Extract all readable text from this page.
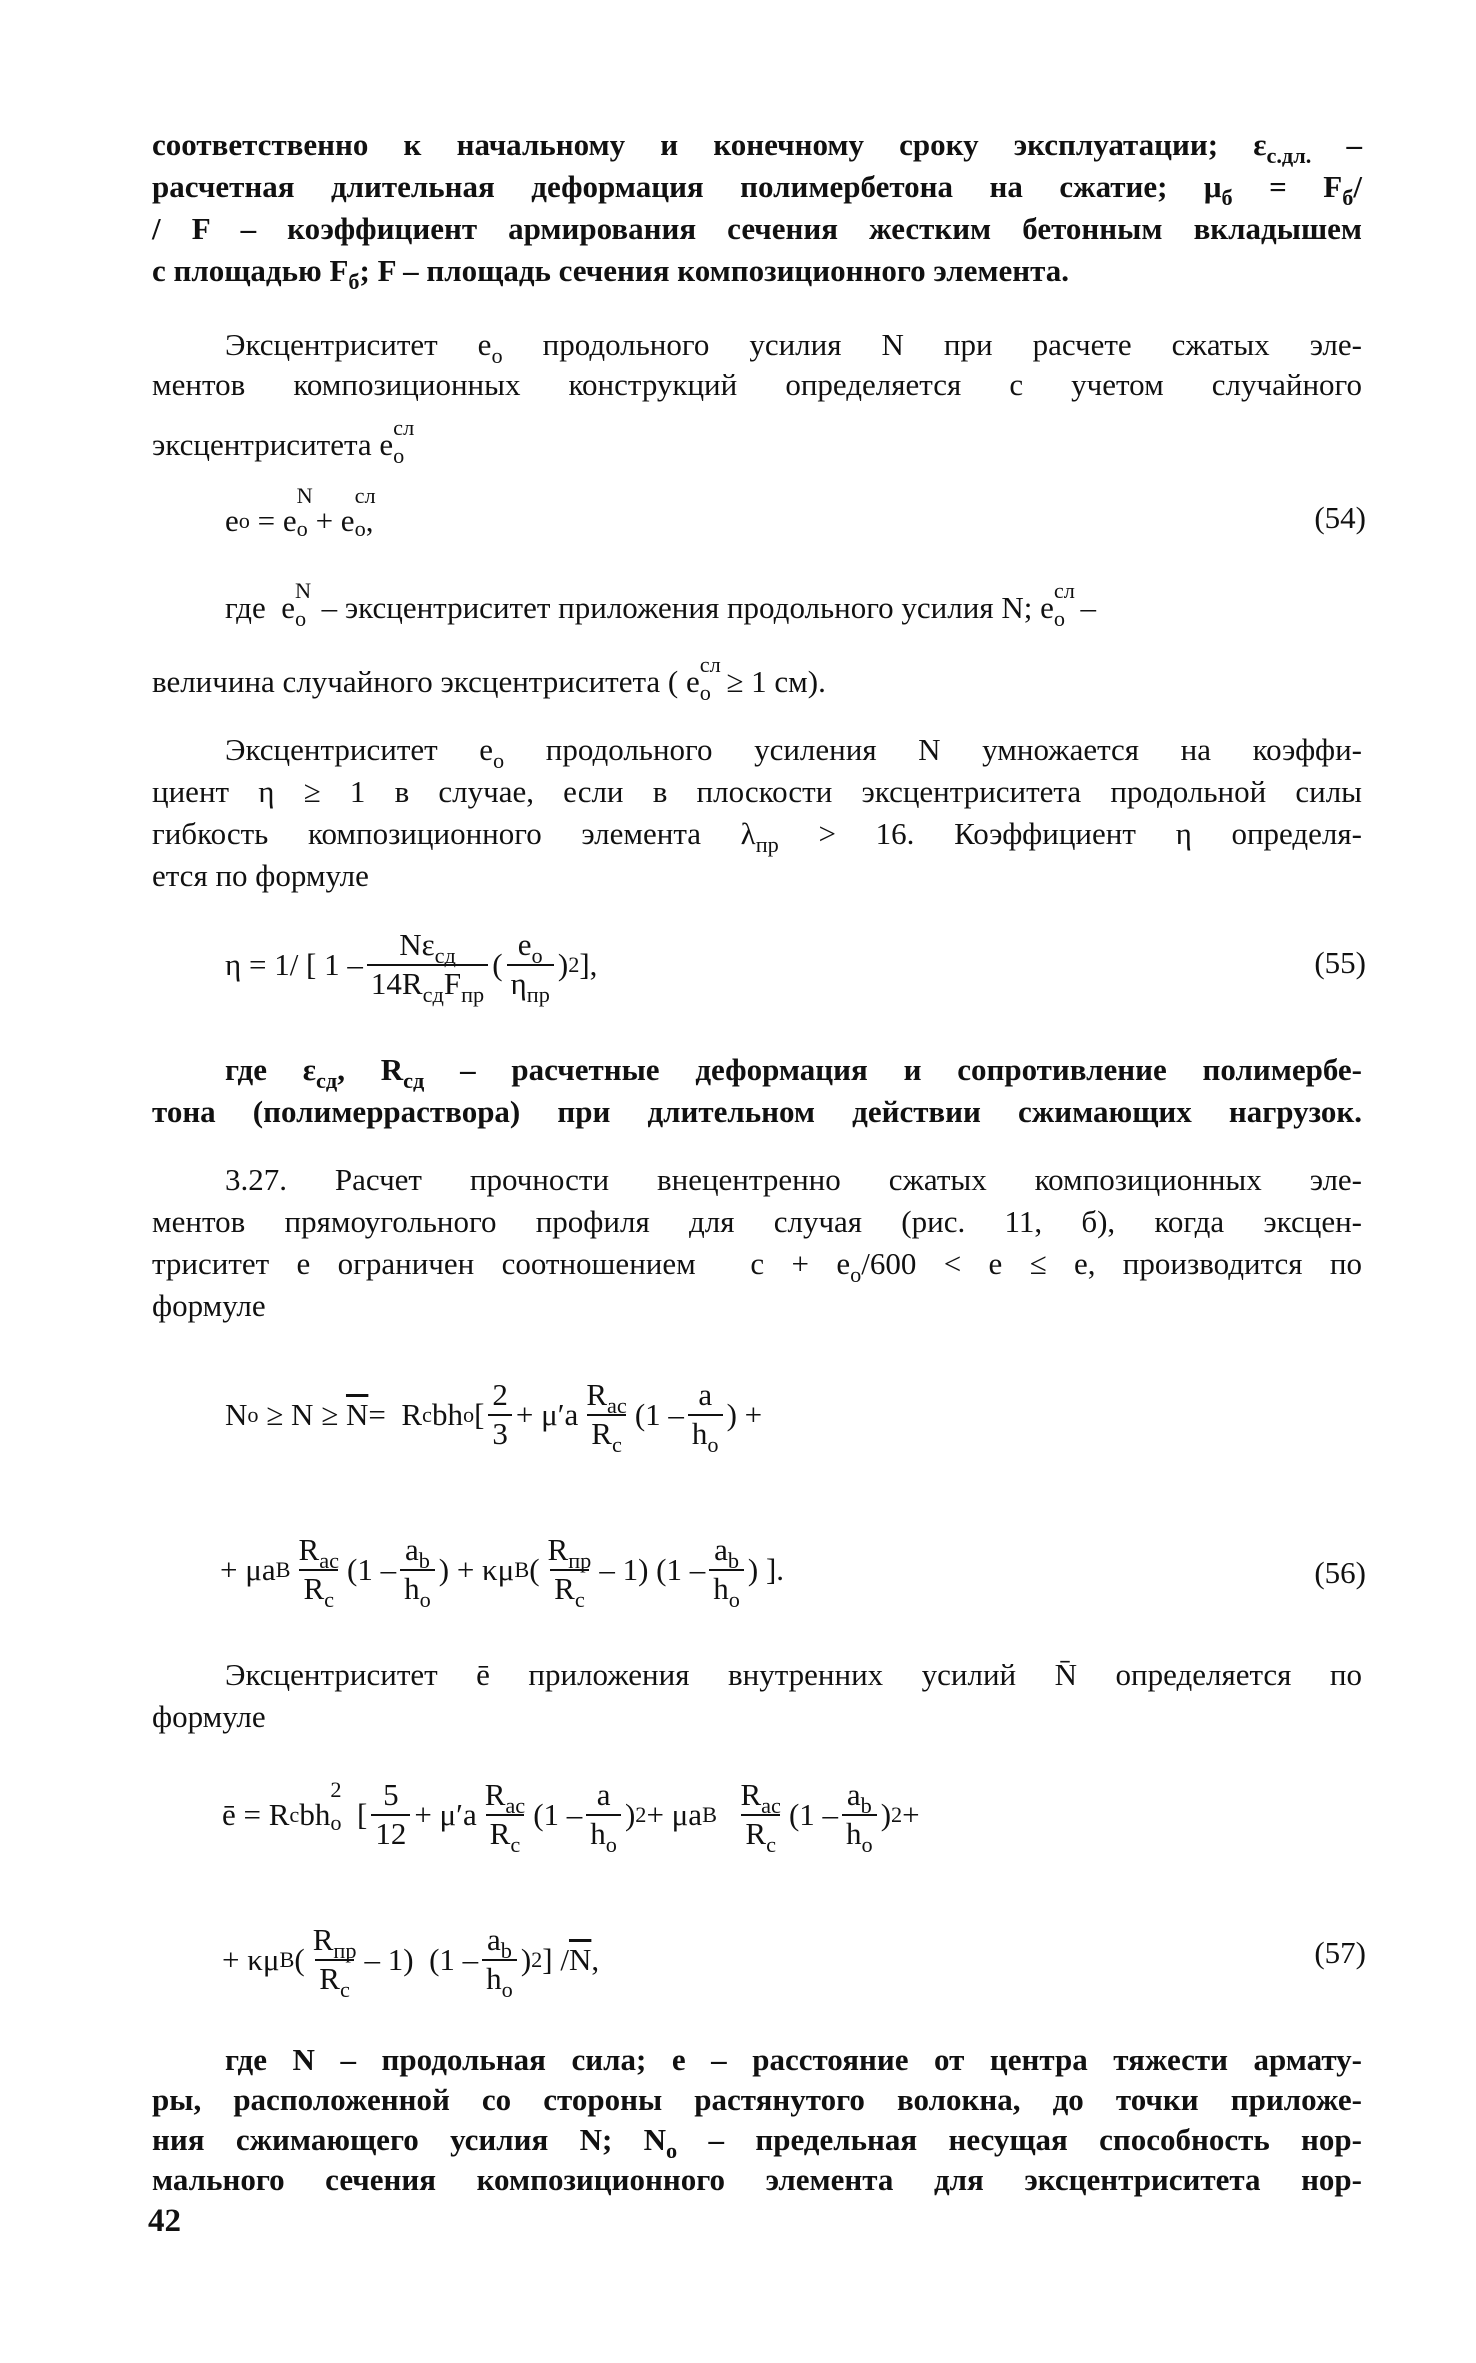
соответственно к начальному и конечному сроку эксплуатации; $\varepsilon_{с.дл.}$ –
расчетная длительная деформация полимербетона на сжатие; $\mu_б = F_б/$
/ F – коэффициент армирования сечения жестким бетонным вкладышем
с площадью $F_б$; F – площадь сечения композиционного элемента.
Эксцентриситет $e_o$ продольного усилия N при расчете сжатых эле-
ментов композиционных конструкций определяется с учетом случайного
эксцентриситета e сл
o
e o = e
N
o + e
сл
o ,	(54)
где  e N
o – эксцентриситет приложения продольного усилия N; e сл
o  –
величина случайного эксцентриситета ( e сл
o  ≥ 1 см).
Эксцентриситет $e_o$ продольного усиления N умножается на коэффи-
циент η ≥ 1 в случае, если в плоскости эксцентриситета продольной силы
гибкость композиционного элемента $\lambda_{пр} > 16$. Коэффициент η определя-
ется по формуле
η = 1/ [ $1 - \frac{N\varepsilon_{сд}}{14R_{сд}F_{пр}}$ ( $\frac{e_o}{\eta_{пр}}$ ) 2 ],	(55)
где $\varepsilon_{сд}$, $R_{сд}$ – расчетные деформация и сопротивление полимербе-
тона (полимерраствора) при длительном действии сжимающих нагрузок.
3.27. Расчет прочности внецентренно сжатых композиционных эле-
ментов прямоугольного профиля для случая (рис. 11, б), когда эксцен-
триситет e ограничен соотношением  $c + e_o/600 < e \le e$, производится по
формуле
N $o \ge N \ge \overline{N} = R$ c bh o [ $\frac{2}{3} + \mu'a \frac{R_{ac}}{R_c} (1 - \frac{a}{h_o}$ ) +
+ μa B $\frac{R_{ac}}{R_c} (1 - \frac{a_b}{h_o}$ ) + κμ B ( $\frac{R_{пр}}{R_c} - 1$) ($1 - \frac{a_b}{h_o}$ ) ].	(56)
Эксцентриситет ē приложения внутренних усилий N̄ определяется по
формуле
ē = R c bh
2
o [ $\frac{5}{12} + \mu'a \frac{R_{ac}}{R_c} (1 - \frac{a}{h_o}$ ) 2 + μa B
$\frac{R_{ac}}{R_c} (1 - \frac{a_b}{h_o}$ ) 2 +
+ κμ B ( $\frac{R_{пр}}{R_c} - 1$)  ($1 - \frac{a_b}{h_o}$ ) 2 ] / $\overline{N}$ ,	(57)
где N – продольная сила; e – расстояние от центра тяжести армату-
ры, расположенной со стороны растянутого волокна, до точки приложе-
ния сжимающего усилия N; $N_o$ – предельная несущая способность нор-
мального сечения композиционного элемента для эксцентриситета нор-
42
